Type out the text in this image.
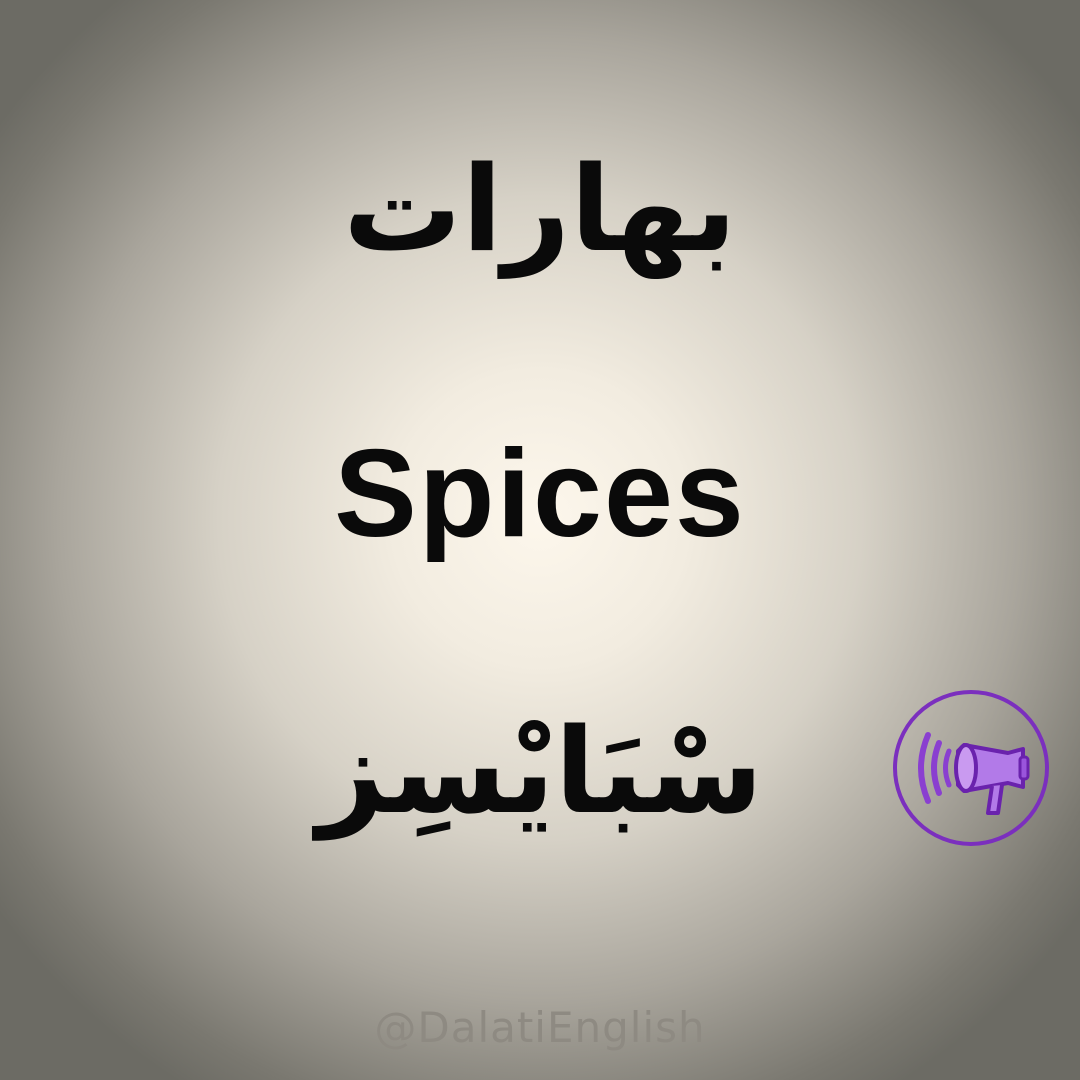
بهارات
Spices
سْبَايْسِز
@DalatiEnglish
